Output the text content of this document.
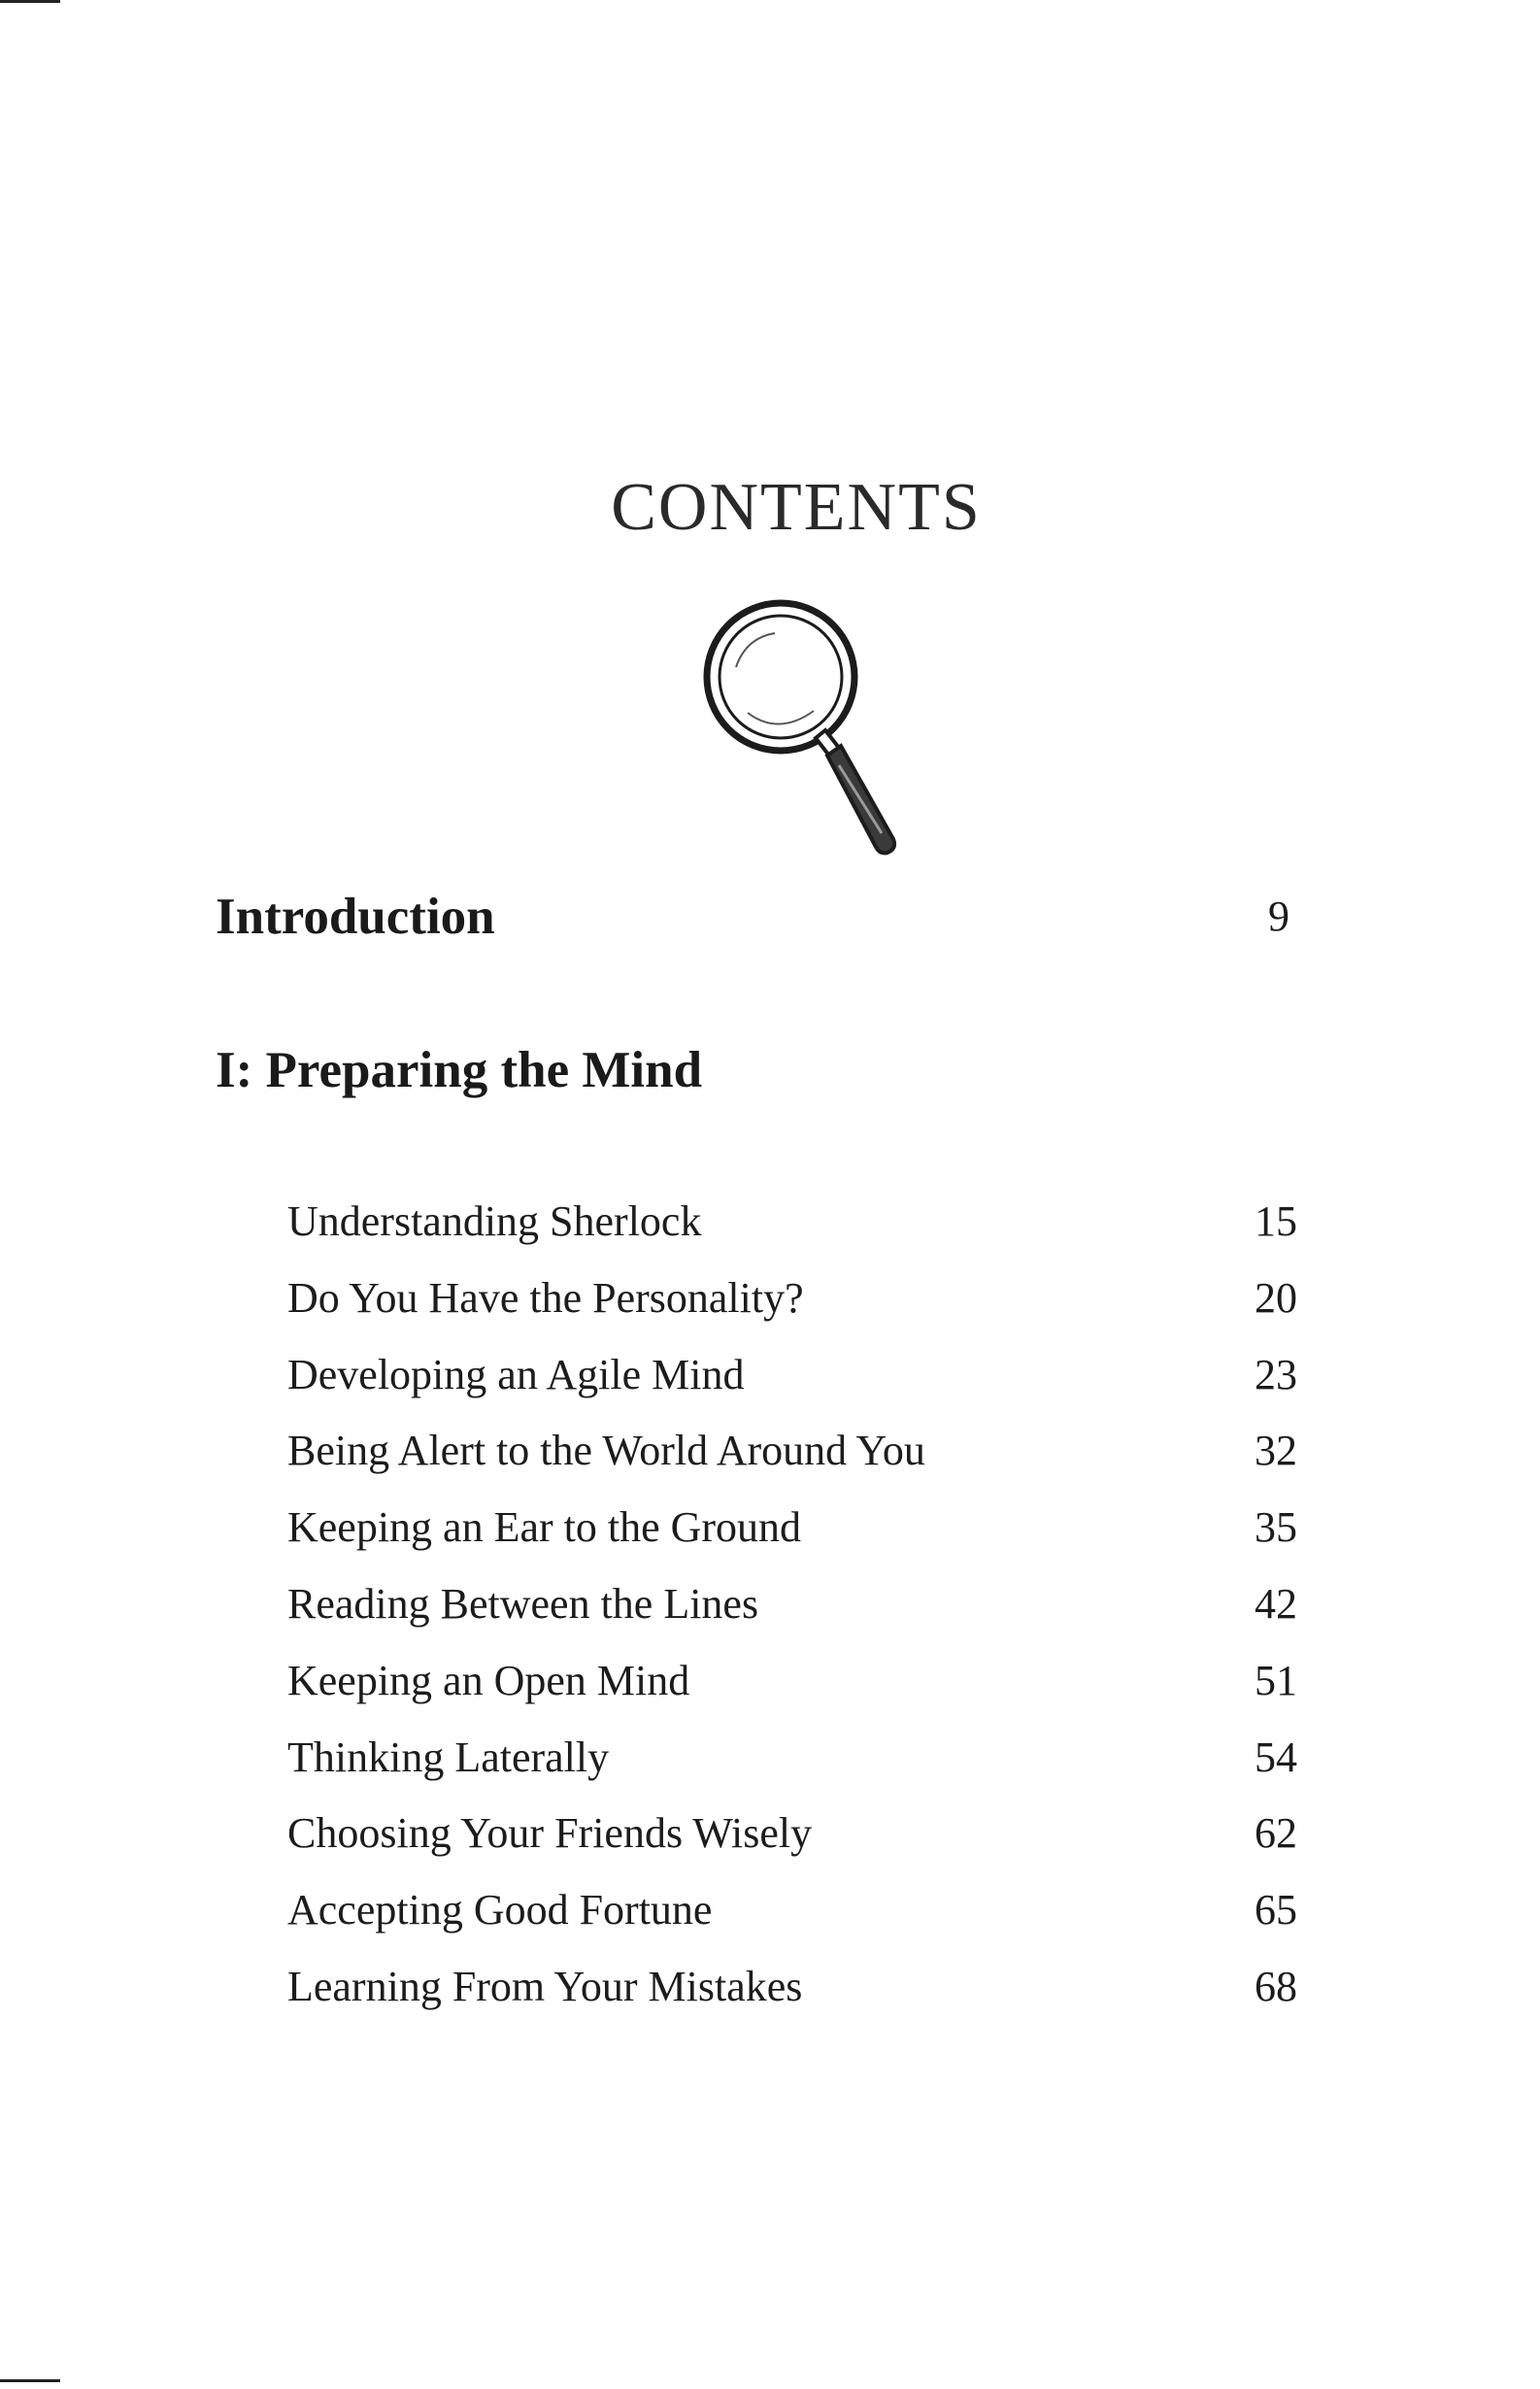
CONTENTS
Introduction	9
I: Preparing the Mind
Understanding Sherlock	15
Do You Have the Personality?	20
Developing an Agile Mind	23
Being Alert to the World Around You	32
Keeping an Ear to the Ground	35
Reading Between the Lines	42
Keeping an Open Mind	51
Thinking Laterally	54
Choosing Your Friends Wisely	62
Accepting Good Fortune	65
Learning From Your Mistakes	68
